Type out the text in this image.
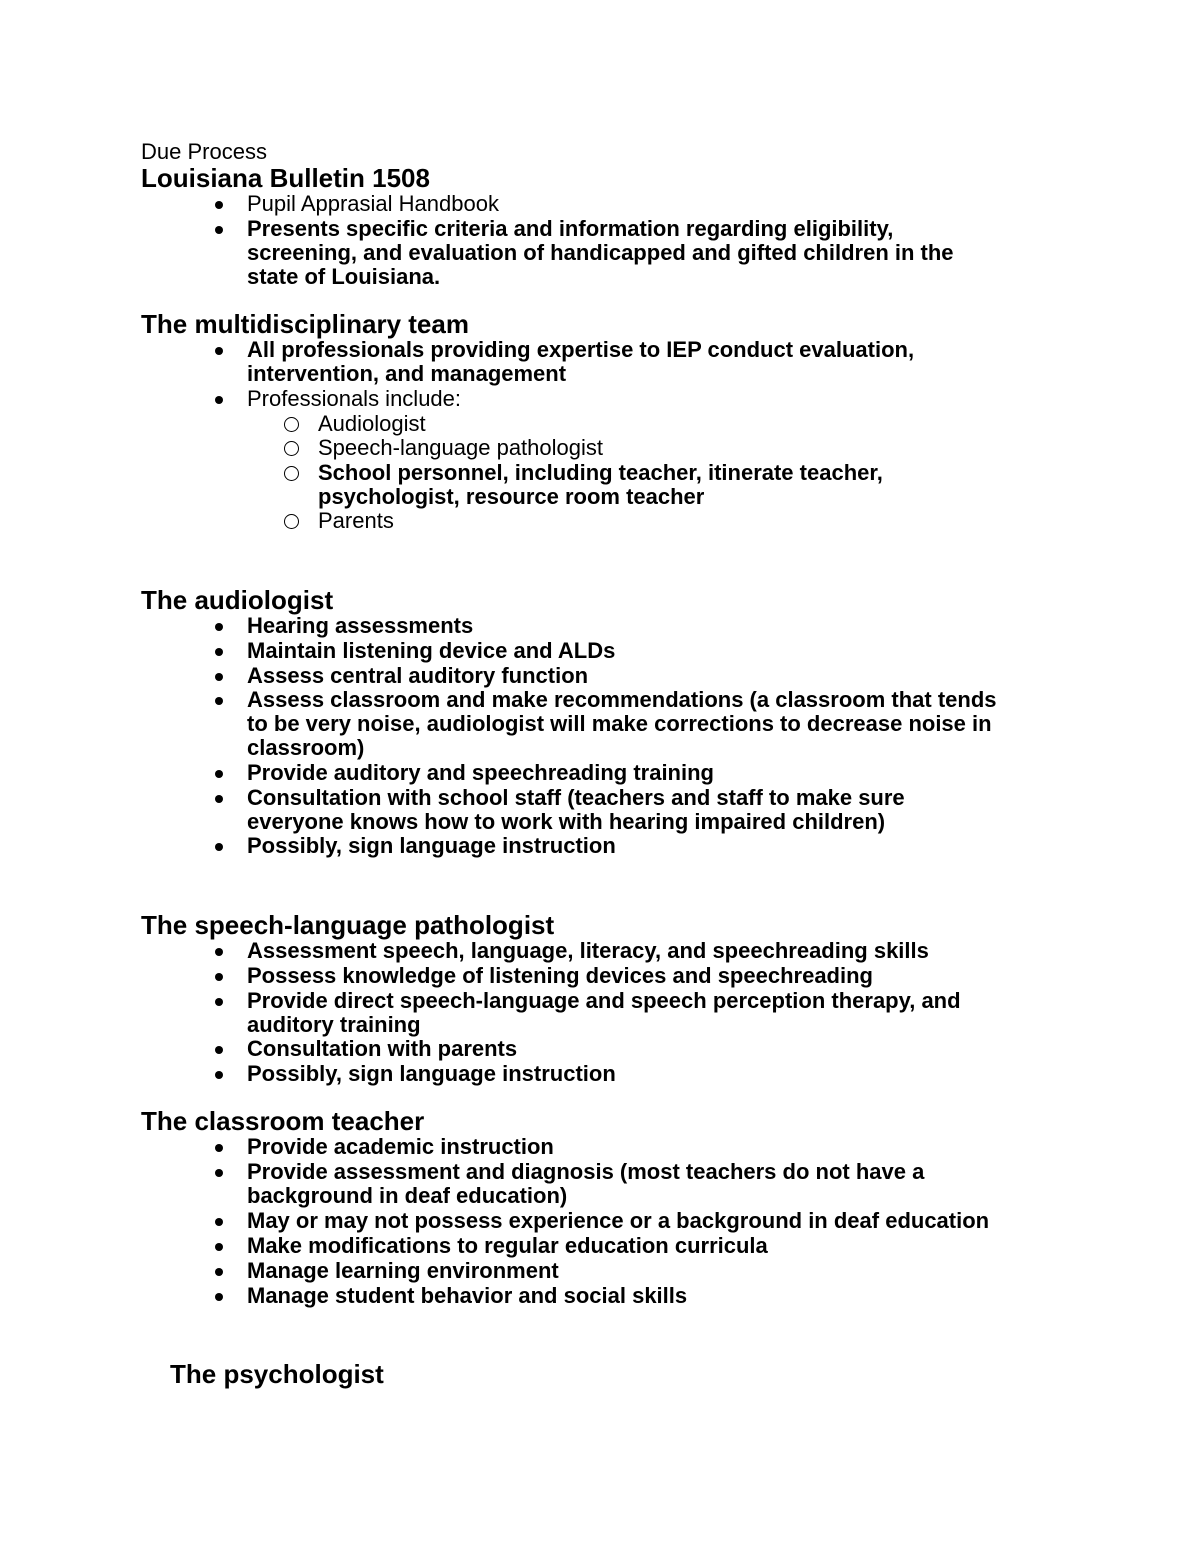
Due Process
Louisiana Bulletin 1508
Pupil Apprasial Handbook
Presents specific criteria and information regarding eligibility,
screening, and evaluation of handicapped and gifted children in the
state of Louisiana.
The multidisciplinary team
All professionals providing expertise to IEP conduct evaluation,
intervention, and management
Professionals include:
Audiologist
Speech-language pathologist
School personnel, including teacher, itinerate teacher,
psychologist, resource room teacher
Parents
The audiologist
Hearing assessments
Maintain listening device and ALDs
Assess central auditory function
Assess classroom and make recommendations (a classroom that tends
to be very noise, audiologist will make corrections to decrease noise in
classroom)
Provide auditory and speechreading training
Consultation with school staff (teachers and staff to make sure
everyone knows how to work with hearing impaired children)
Possibly, sign language instruction
The speech-language pathologist
Assessment speech, language, literacy, and speechreading skills
Possess knowledge of listening devices and speechreading
Provide direct speech-language and speech perception therapy, and
auditory training
Consultation with parents
Possibly, sign language instruction
The classroom teacher
Provide academic instruction
Provide assessment and diagnosis (most teachers do not have a
background in deaf education)
May or may not possess experience or a background in deaf education
Make modifications to regular education curricula
Manage learning environment
Manage student behavior and social skills
The psychologist
